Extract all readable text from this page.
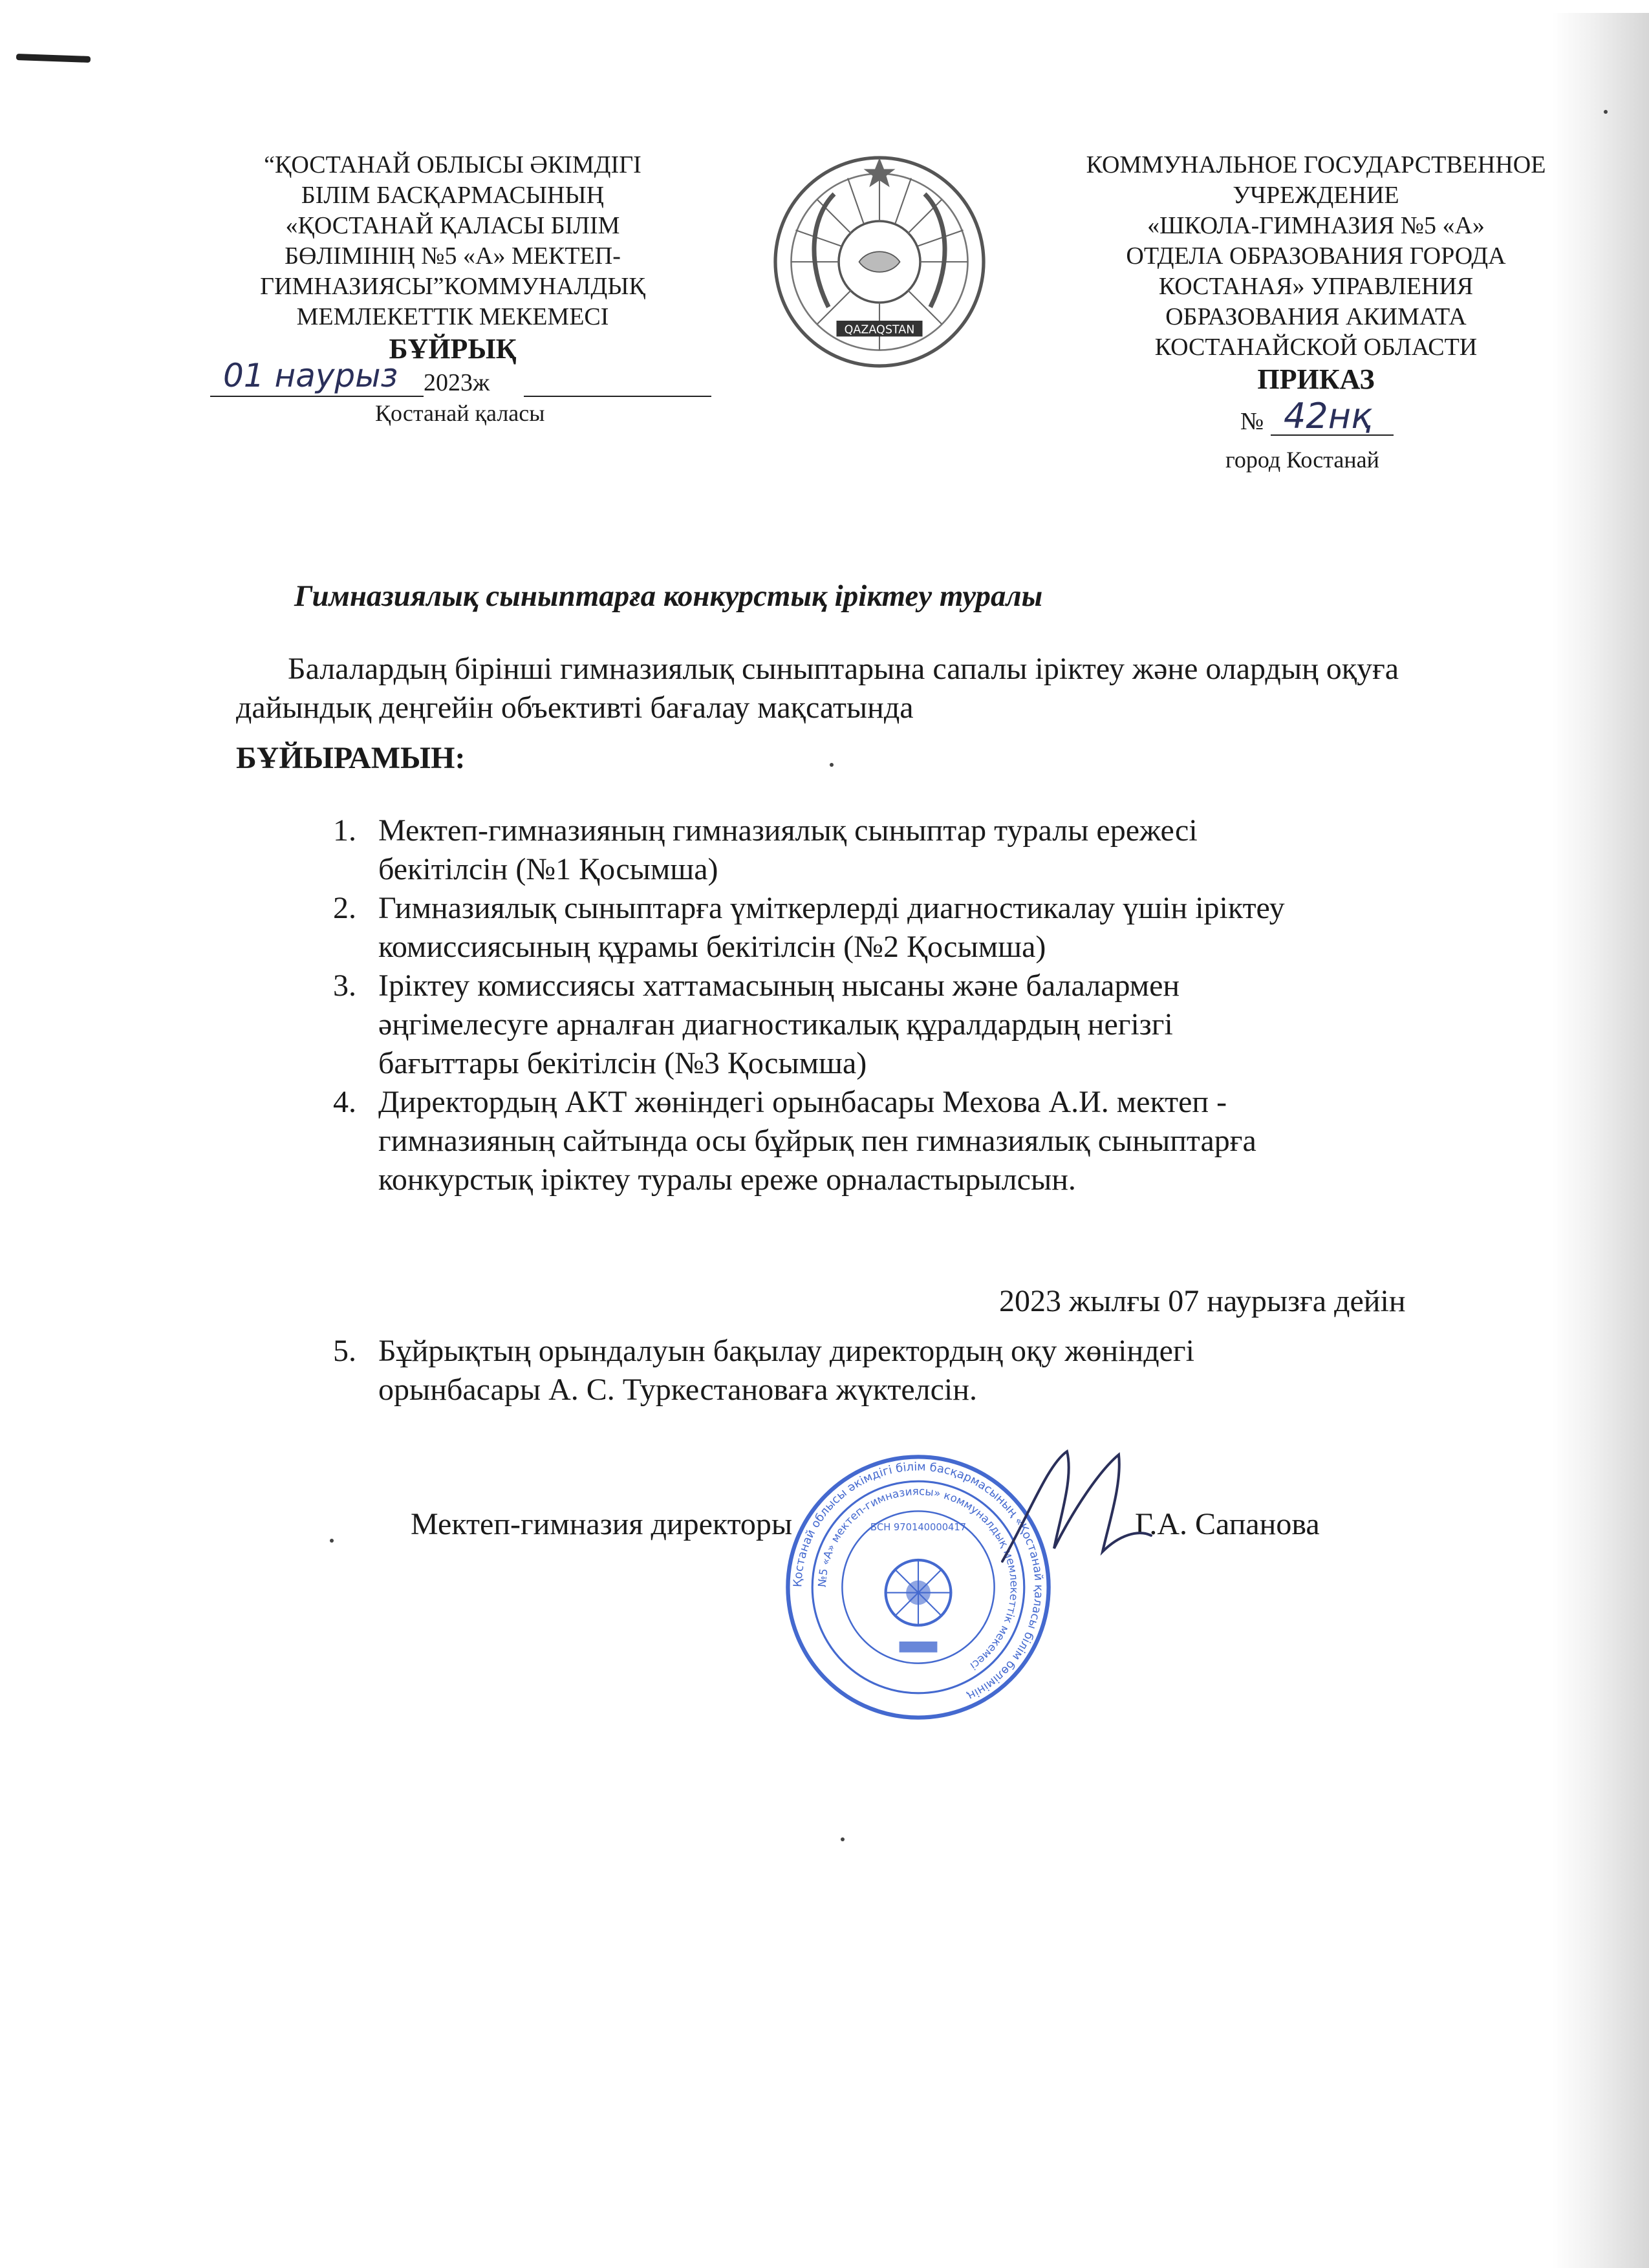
“ҚОСТАНАЙ ОБЛЫСЫ ӘКІМДІГІ
БІЛІМ БАСҚАРМАСЫНЫҢ
«ҚОСТАНАЙ ҚАЛАСЫ БІЛІМ
БӨЛІМІНІҢ №5 «А» МЕКТЕП-
ГИМНАЗИЯСЫ”КОММУНАЛДЫҚ
МЕМЛЕКЕТТІК МЕКЕМЕСІ
БҰЙРЫҚ
01 наурыз 2023ж
Қостанай қаласы
QAZAQSTAN
КОММУНАЛЬНОЕ ГОСУДАРСТВЕННОЕ
УЧРЕЖДЕНИЕ
«ШКОЛА-ГИМНАЗИЯ №5 «А»
ОТДЕЛА ОБРАЗОВАНИЯ ГОРОДА
КОСТАНАЯ» УПРАВЛЕНИЯ
ОБРАЗОВАНИЯ АКИМАТА
КОСТАНАЙСКОЙ ОБЛАСТИ
ПРИКАЗ
№ 42нқ
город Костанай
Гимназиялық сыныптарға конкурстық іріктеу туралы
Балалардың бірінші гимназиялық сыныптарына сапалы іріктеу және олардың оқуға дайындық деңгейін объективті бағалау мақсатында
БҰЙЫРАМЫН:
1. Мектеп-гимназияның гимназиялық сыныптар туралы ережесі
бекітілсін (№1 Қосымша)
2. Гимназиялық сыныптарға үміткерлерді диагностикалау үшін іріктеу
комиссиясының құрамы бекітілсін (№2 Қосымша)
3. Іріктеу комиссиясы хаттамасының нысаны және балалармен
әңгімелесуге арналған диагностикалық құралдардың негізгі
бағыттары бекітілсін (№3 Қосымша)
4. Директордың АКТ жөніндегі орынбасары Мехова А.И. мектеп -
гимназияның сайтында осы бұйрық пен гимназиялық сыныптарға
конкурстық іріктеу туралы ереже орналастырылсын.
2023 жылғы 07 наурызға дейін
5. Бұйрықтың орындалуын бақылау директордың оқу жөніндегі
орынбасары А. С. Туркестановаға жүктелсін.
Мектеп-гимназия директоры	Г.А. Сапанова
Қостанай облысы әкімдігі білім басқармасының «Қостанай қаласы білім бөлімінің
№5 «А» мектеп-гимназиясы» коммуналдық мемлекеттік мекемесі
БСН 970140000417
